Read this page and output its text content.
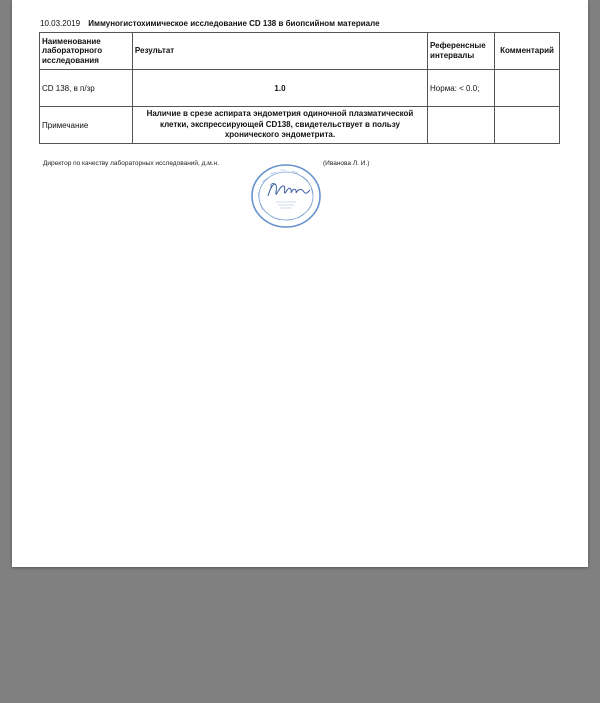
10.03.2019 Иммуногистохимическое исследование CD 138 в биопсийном материале
Наименование лабораторного исследования	Результат	Референсные интервалы	Комментарий
CD 138, в п/зр	1.0	Норма: < 0.0;	
Примечание	Наличие в срезе аспирата эндометрия одиночной плазматической клетки, экспрессирующей CD138, свидетельствует в пользу хронического эндометрита.		
Директор по качеству лабораторных исследований, д.м.н.	(Иванова Л. И.)
